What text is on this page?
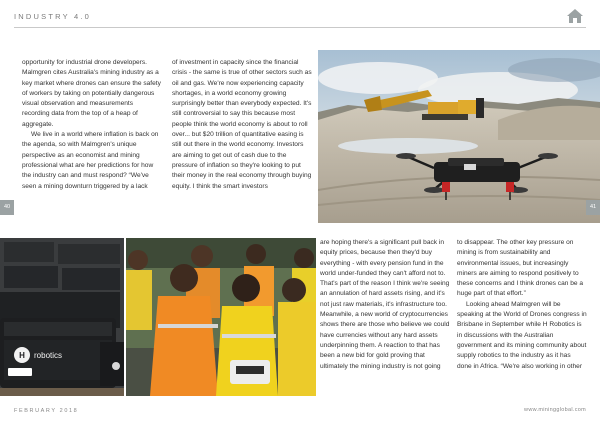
INDUSTRY 4.0
H robotics

opportunity for industrial drone developers. Malmgren cites Australia's mining industry as a key market where drones can ensure the safety of workers by taking on potentially dangerous visual observation and measurements recording data from the top of a heap of aggregate.

We live in a world where inflation is back on the agenda, so with Malmgren's unique perspective as an economist and mining professional what are her predictions for how the industry can and must respond? “We've seen a mining downturn triggered by a lack

of investment in capacity since the financial crisis - the same is true of other sectors such as oil and gas. We're now experiencing capacity shortages, in a world economy growing surprisingly better than everybody expected. It's still controversial to say this because most people think the world economy is about to roll over... but $20 trillion of quantitative easing is still out there in the world economy. Investors are aiming to get out of cash due to the pressure of inflation so they're looking to put their money in the real economy through buying equity. I think the smart investors

are hoping there's a significant pull back in equity prices, because then they'd buy everything - with every pension fund in the world under-funded they can't afford not to. That's part of the reason I think we're seeing an annulation of hard assets rising, and it's not just raw materials, it's infrastructure too. Meanwhile, a new world of cryptocurrencies shows there are those who believe we could have currencies without any hard assets underpinning them. A reaction to that has been a new bid for gold proving that ultimately the mining industry is not going

to disappear. The other key pressure on mining is from sustainability and environmental issues, but increasingly miners are aiming to respond positively to these concerns and I think drones can be a huge part of that effort.”

Looking ahead Malmgren will be speaking at the World of Drones congress in Brisbane in September while H Robotics is in discussions with the Australian government and its mining community about supply robotics to the industry as it has done in Africa. “We're also working in other

40	41
FEBRUARY 2018	www.miningglobal.com
